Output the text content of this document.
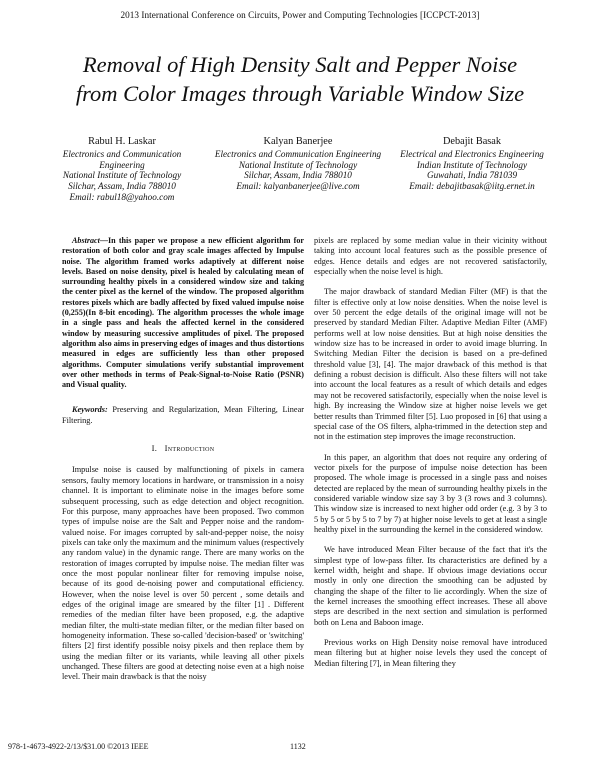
2013 International Conference on Circuits, Power and Computing Technologies [ICCPCT-2013]
Removal of High Density Salt and Pepper Noise
from Color Images through Variable Window Size
Rabul H. Laskar
Electronics and Communication
Engineering
National Institute of Technology
Silchar, Assam, India 788010
Email: rabul18@yahoo.com
Kalyan Banerjee
Electronics and Communication Engineering
National Institute of Technology
Silchar, Assam, India 788010
Email: kalyanbanerjee@live.com
Debajit Basak
Electrical and Electronics Engineering
Indian Institute of Technology
Guwahati, India 781039
Email: debajitbasak@iitg.ernet.in

Abstract—In this paper we propose a new efficient algorithm for restoration of both color and gray scale images affected by Impulse noise. The algorithm framed works adaptively at different noise levels. Based on noise density, pixel is healed by calculating mean of surrounding healthy pixels in a considered window size and taking the center pixel as the kernel of the window. The proposed algorithm restores pixels which are badly affected by fixed valued impulse noise (0,255)(In 8-bit encoding). The algorithm processes the whole image in a single pass and heals the affected kernel in the considered window by measuring successive amplitudes of pixel. The proposed algorithm also aims in preserving edges of images and thus distortions measured in edges are sufficiently less than other proposed algorithms. Computer simulations verify substantial improvement over other methods in terms of Peak-Signal-to-Noise Ratio (PSNR) and Visual quality.

Keywords: Preserving and Regularization, Mean Filtering, Linear Filtering.

I. Introduction

Impulse noise is caused by malfunctioning of pixels in camera sensors, faulty memory locations in hardware, or transmission in a noisy channel. It is important to eliminate noise in the images before some subsequent processing, such as edge detection and object recognition. For this purpose, many approaches have been proposed. Two common types of impulse noise are the Salt and Pepper noise and the random-valued noise. For images corrupted by salt-and-pepper noise, the noisy pixels can take only the maximum and the minimum values (respectively any random value) in the dynamic range. There are many works on the restoration of images corrupted by impulse noise. The median filter was once the most popular nonlinear filter for removing impulse noise, because of its good de-noising power and computational efficiency. However, when the noise level is over 50 percent , some details and edges of the original image are smeared by the filter [1] . Different remedies of the median filter have been proposed, e.g. the adaptive median filter, the multi-state median filter, or the median filter based on homogeneity information. These so-called 'decision-based' or 'switching' filters [2] first identify possible noisy pixels and then replace them by using the median filter or its variants, while leaving all other pixels unchanged. These filters are good at detecting noise even at a high noise level. Their main drawback is that the noisy

pixels are replaced by some median value in their vicinity without taking into account local features such as the possible presence of edges. Hence details and edges are not recovered satisfactorily, especially when the noise level is high.

The major drawback of standard Median Filter (MF) is that the filter is effective only at low noise densities. When the noise level is over 50 percent the edge details of the original image will not be preserved by standard Median Filter. Adaptive Median Filter (AMF) performs well at low noise densities. But at high noise densities the window size has to be increased in order to avoid image blurring. In Switching Median Filter the decision is based on a pre-defined threshold value [3], [4]. The major drawback of this method is that defining a robust decision is difficult. Also these filters will not take into account the local features as a result of which details and edges may not be recovered satisfactorily, especially when the noise level is high. By increasing the Window size at higher noise levels we get better results than Trimmed filter [5]. Luo proposed in [6] that using a special case of the OS filters, alpha-trimmed in the detection step and not in the estimation step improves the image reconstruction.

In this paper, an algorithm that does not require any ordering of vector pixels for the purpose of impulse noise detection has been proposed. The whole image is processed in a single pass and noises detected are replaced by the mean of surrounding healthy pixels in the considered variable window size say 3 by 3 (3 rows and 3 columns). This window size is increased to next higher odd order (e.g. 3 by 3 to 5 by 5 or 5 by 5 to 7 by 7) at higher noise levels to get at least a single healthy pixel in the surrounding the kernel in the considered window.

We have introduced Mean Filter because of the fact that it's the simplest type of low-pass filter. Its characteristics are defined by a kernel width, height and shape. If obvious image deviations occur mostly in only one direction the smoothing can be adjusted by changing the shape of the filter to lie accordingly. When the size of the kernel increases the smoothing effect increases. These all above steps are described in the next section and simulation is performed both on Lena and Baboon image.

Previous works on High Density noise removal have introduced mean filtering but at higher noise levels they used the concept of Median filtering [7], in Mean filtering they

978-1-4673-4922-2/13/$31.00 ©2013 IEEE	1132
